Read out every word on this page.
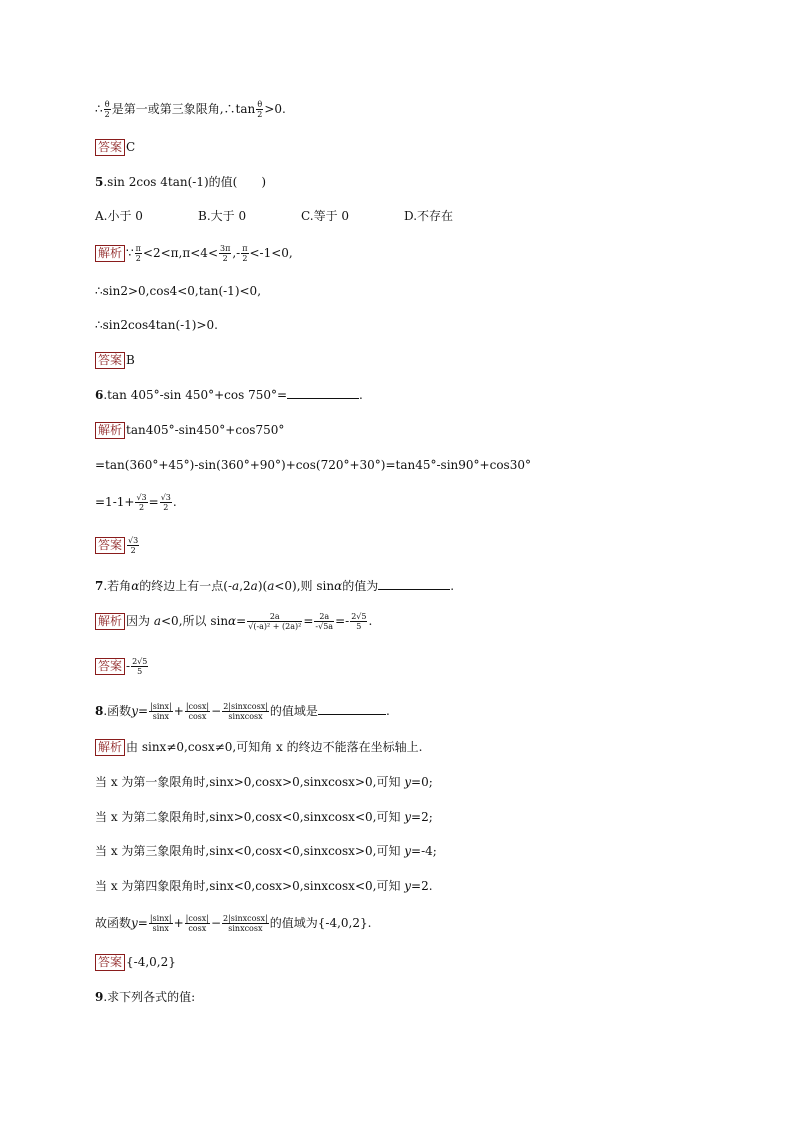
∴ $\frac{\theta}{2}$ 是第一或第三象限角,∴tan $\frac{\theta}{2} >0$.
答案 C
5.sin 2cos 4tan(-1)的值(　　)
A.小于 0	B.大于 0	C.等于 0	D.不存在
解析 ∵ $\frac{\pi}{2} <2<\pi,\pi<4< \frac{3\pi}{2}$ ,- $\frac{\pi}{2} <-1<0$,
∴sin2>0,cos4<0,tan(-1)<0,
∴sin2cos4tan(-1)>0.
答案 B
6.tan 405°-sin 450°+cos 750°=	.
解析 tan405°-sin450°+cos750°
=tan(360°+45°)-sin(360°+90°)+cos(720°+30°)=tan45°-sin90°+cos30°
$=1-1+ \frac{√3}{2} = \frac{√3}{2}$ .
答案 $\frac{√3}{2}$
7.若角α的终边上有一点(-a,2a)(a<0),则 sinα的值为	.
解析 因为 a<0,所以 $\sin\alpha= \frac{2a}{\text{√(-a)² + (2a)²}} = \frac{2a}{-√5a} =- \frac{2√5}{5}$ .
答案 - $\frac{2√5}{5}$
8.函数$y= \frac{|\sin x|}{\sin x} + \frac{|\cos x|}{\cos x} - \frac{\text{2|sinxcosx|}}{\text{sinxcosx}}$ 的值域是	.
解析 由 sinx≠0,cosx≠0,可知角 x 的终边不能落在坐标轴上.
当 x 为第一象限角时,sinx>0,cosx>0,sinxcosx>0,可知 y=0;
当 x 为第二象限角时,sinx>0,cosx<0,sinxcosx<0,可知 y=2;
当 x 为第三象限角时,sinx<0,cosx<0,sinxcosx>0,可知 y=-4;
当 x 为第四象限角时,sinx<0,cosx>0,sinxcosx<0,可知 y=2.
故函数$y= \frac{|\sin x|}{\sin x} + \frac{|\cos x|}{\cos x} - \frac{\text{2|sinxcosx|}}{\text{sinxcosx}}$ 的值域为{-4,0,2}.
答案 {-4,0,2}
9.求下列各式的值:
